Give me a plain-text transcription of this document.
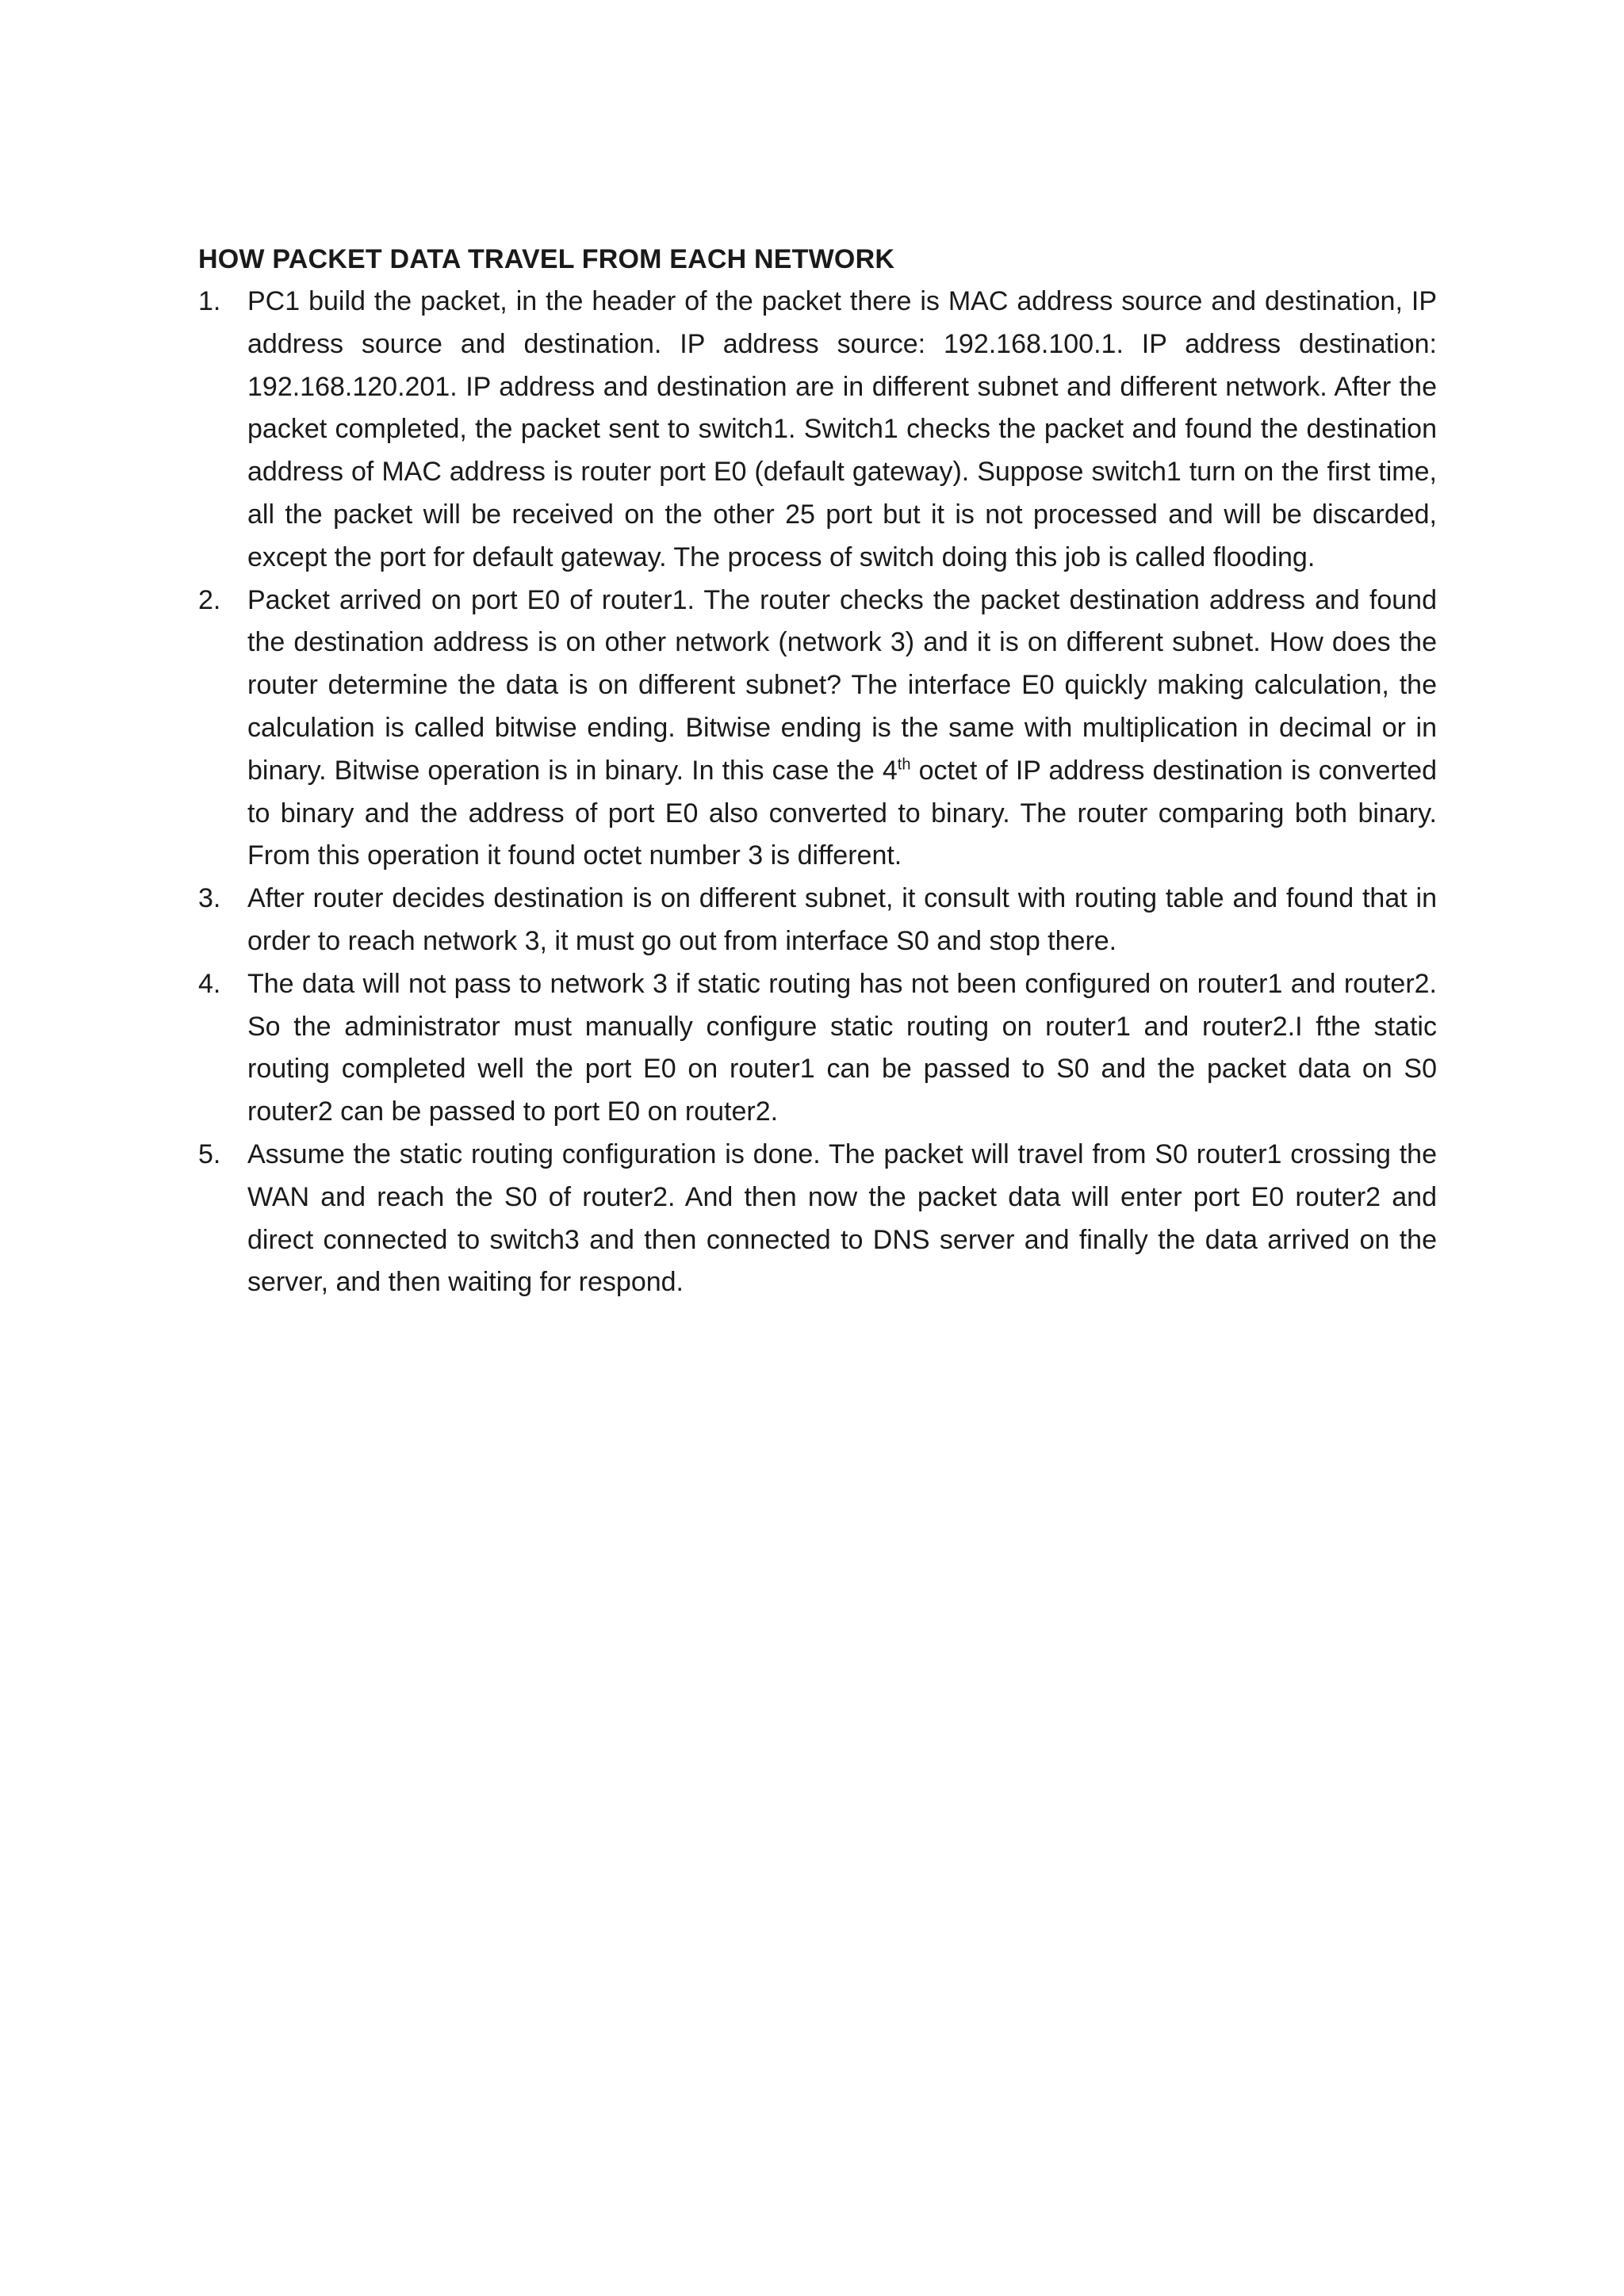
HOW PACKET DATA TRAVEL FROM EACH NETWORK

1. PC1 build the packet, in the header of the packet there is MAC address source and destination, IP address source and destination. IP address source: 192.168.100.1. IP address destination: 192.168.120.201. IP address and destination are in different subnet and different network. After the packet completed, the packet sent to switch1. Switch1 checks the packet and found the destination address of MAC address is router port E0 (default gateway). Suppose switch1 turn on the first time, all the packet will be received on the other 25 port but it is not processed and will be discarded, except the port for default gateway. The process of switch doing this job is called flooding.
2. Packet arrived on port E0 of router1. The router checks the packet destination address and found the destination address is on other network (network 3) and it is on different subnet. How does the router determine the data is on different subnet? The interface E0 quickly making calculation, the calculation is called bitwise ending. Bitwise ending is the same with multiplication in decimal or in binary. Bitwise operation is in binary. In this case the 4th octet of IP address destination is converted to binary and the address of port E0 also converted to binary. The router comparing both binary. From this operation it found octet number 3 is different.
3. After router decides destination is on different subnet, it consult with routing table and found that in order to reach network 3, it must go out from interface S0 and stop there.
4. The data will not pass to network 3 if static routing has not been configured on router1 and router2. So the administrator must manually configure static routing on router1 and router2.I fthe static routing completed well the port E0 on router1 can be passed to S0 and the packet data on S0 router2 can be passed to port E0 on router2.
5. Assume the static routing configuration is done. The packet will travel from S0 router1 crossing the WAN and reach the S0 of router2. And then now the packet data will enter port E0 router2 and direct connected to switch3 and then connected to DNS server and finally the data arrived on the server, and then waiting for respond.
